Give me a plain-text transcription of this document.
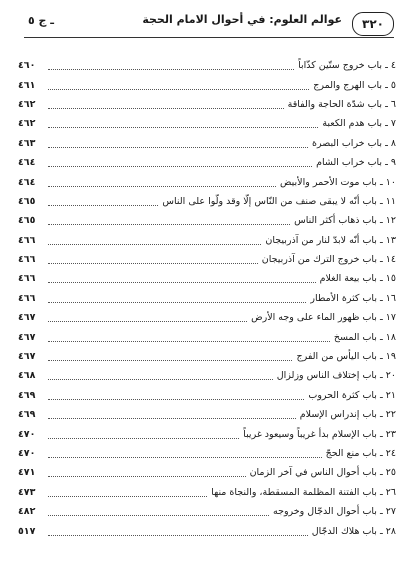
٣٢٠
عوالم العلوم: في أحوال الامام الحجة
ـ ج ٥
٤٦٠	٤ ـ باب خروج ستّين كذّاباً
٤٦١	٥ ـ باب الهرج والمرج
٤٦٢	٦ ـ باب شدّة الحاجة والفاقة
٤٦٢	٧ ـ باب هدم الكعبة
٤٦٣	٨ ـ باب خراب البصرة
٤٦٤	٩ ـ باب خراب الشام
٤٦٤	١٠ ـ باب موت الأحمر والأبيض
٤٦٥	١١ ـ باب أنّه لا يبقى صنف من النّاس إلّا وقد ولّوا على الناس
٤٦٥	١٢ ـ باب ذهاب أكثر الناس
٤٦٦	١٣ ـ باب أنّه لابدّ لنار من آذربيجان
٤٦٦	١٤ ـ باب خروج الترك من آذربيجان
٤٦٦	١٥ ـ باب بيعة الغلام
٤٦٦	١٦ ـ باب كثرة الأمطار
٤٦٧	١٧ ـ باب ظهور الماء على وجه الأرض
٤٦٧	١٨ ـ باب المسخ
٤٦٧	١٩ ـ باب اليأس من الفرج
٤٦٨	٢٠ ـ باب إختلاف الناس وزلزال
٤٦٩	٢١ ـ باب كثرة الحروب
٤٦٩	٢٢ ـ باب إندراس الإسلام
٤٧٠	٢٣ ـ باب الإسلام بدأ غريباً وسيعود غريباً
٤٧٠	٢٤ ـ باب منع الحجّ
٤٧١	٢٥ ـ باب أحوال الناس في آخر الزمان
٤٧٣	٢٦ ـ باب الفتنة المظلمة المسقطة، والنجاة منها
٤٨٢	٢٧ ـ باب أحوال الدجّال وخروجه
٥١٧	٢٨ ـ باب هلاك الدجّال
